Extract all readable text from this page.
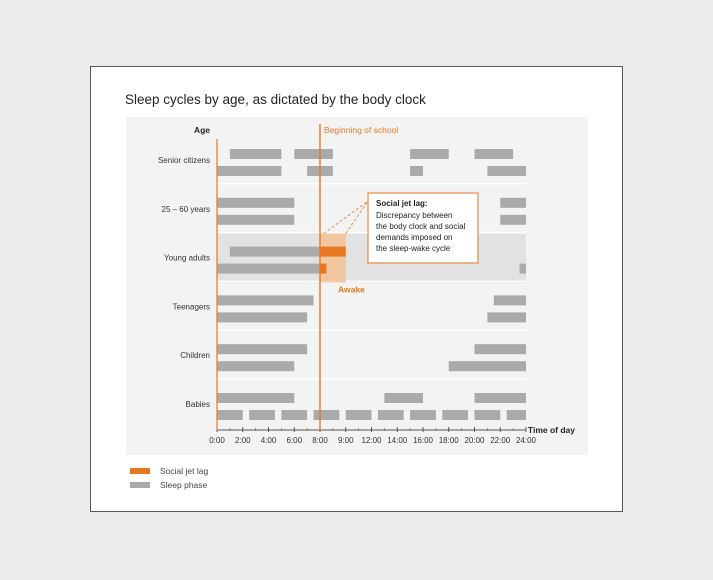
Sleep cycles by age, as dictated by the body clock
Awake
Senior citizens
25 – 60 years
Young adults
Teenagers
Children
Babies
Age
0:00 2:00 4:00 6:00 8:00 9:00 12:00 14:00 16:00 18:00 20:00 22:00 24:00
Time of day
Beginning of school
Social jet lag:
Discrepancy between
the body clock and social
demands imposed on
the sleep-wake cycle
Social jet lag
Sleep phase
